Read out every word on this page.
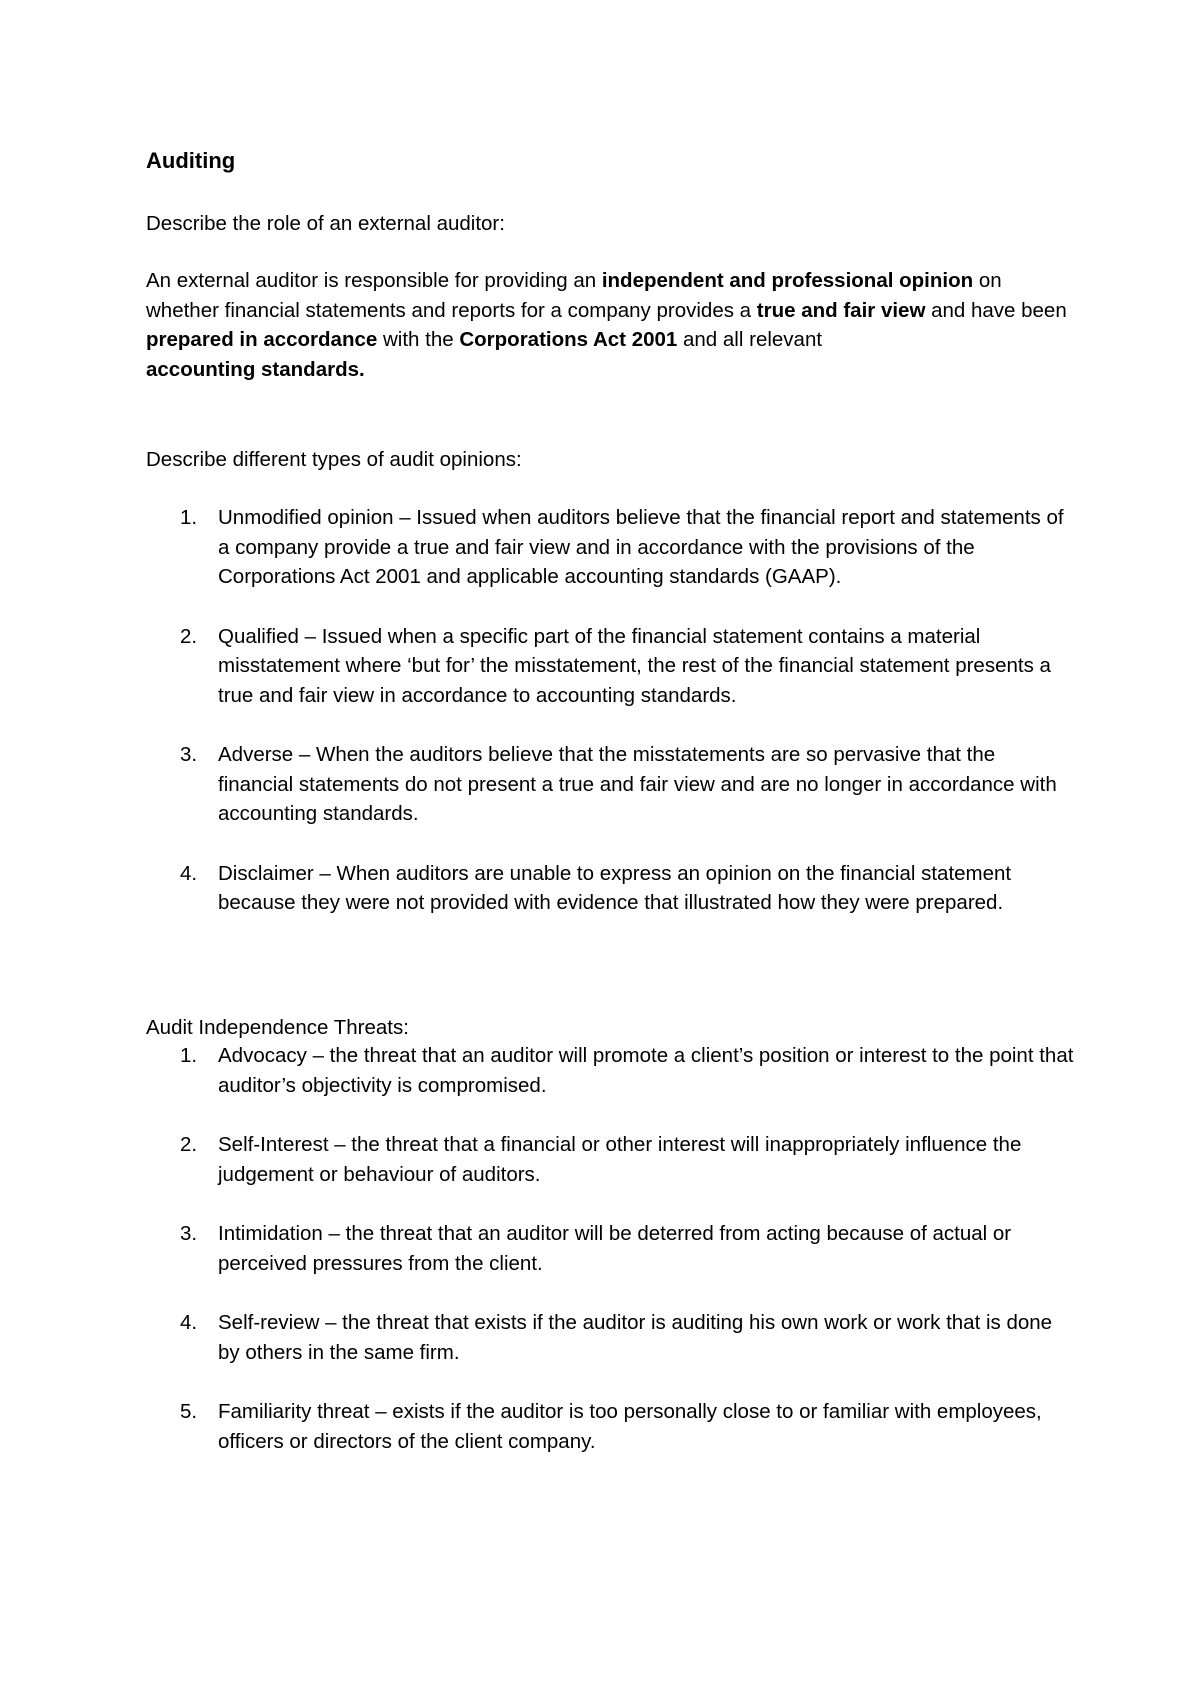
Auditing
Describe the role of an external auditor:
An external auditor is responsible for providing an independent and professional opinion on whether financial statements and reports for a company provides a true and fair view and have been prepared in accordance with the Corporations Act 2001 and all relevant
accounting standards.
Describe different types of audit opinions:
1. Unmodified opinion – Issued when auditors believe that the financial report and statements of a company provide a true and fair view and in accordance with the provisions of the Corporations Act 2001 and applicable accounting standards (GAAP).
2. Qualified – Issued when a specific part of the financial statement contains a material misstatement where ‘but for’ the misstatement, the rest of the financial statement presents a true and fair view in accordance to accounting standards.
3. Adverse – When the auditors believe that the misstatements are so pervasive that the financial statements do not present a true and fair view and are no longer in accordance with accounting standards.
4. Disclaimer – When auditors are unable to express an opinion on the financial statement because they were not provided with evidence that illustrated how they were prepared.
Audit Independence Threats:
1. Advocacy – the threat that an auditor will promote a client’s position or interest to the point that auditor’s objectivity is compromised.
2. Self-Interest – the threat that a financial or other interest will inappropriately influence the judgement or behaviour of auditors.
3. Intimidation – the threat that an auditor will be deterred from acting because of actual or perceived pressures from the client.
4. Self-review – the threat that exists if the auditor is auditing his own work or work that is done by others in the same firm.
5. Familiarity threat – exists if the auditor is too personally close to or familiar with employees, officers or directors of the client company.
